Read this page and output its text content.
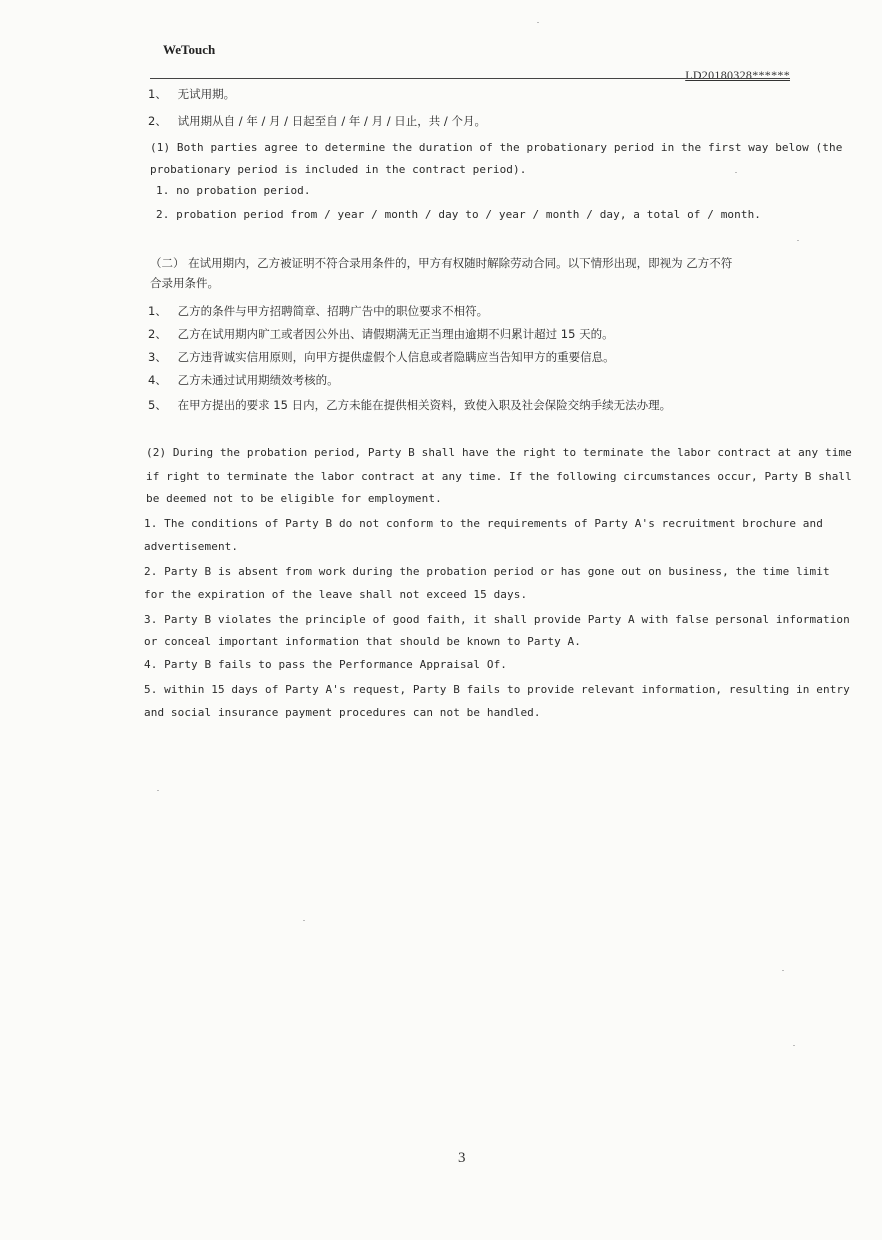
WeTouch
LD20180328******
1、 无试用期。
2、 试用期从自 / 年 / 月 / 日起至自 / 年 / 月 / 日止，共 / 个月。
(1) Both parties agree to determine the duration of the probationary period in the first way below (the
probationary period is included in the contract period).
1. no probation period.
2. probation period from / year / month / day to / year / month / day, a total of / month.
（二） 在试用期内，乙方被证明不符合录用条件的，甲方有权随时解除劳动合同。以下情形出现，即视为 乙方不符
合录用条件。
1、 乙方的条件与甲方招聘简章、招聘广告中的职位要求不相符。
2、 乙方在试用期内旷工或者因公外出、请假期满无正当理由逾期不归累计超过 15 天的。
3、 乙方违背诚实信用原则，向甲方提供虚假个人信息或者隐瞒应当告知甲方的重要信息。
4、 乙方未通过试用期绩效考核的。
5、 在甲方提出的要求 15 日内，乙方未能在提供相关资料，致使入职及社会保险交纳手续无法办理。
(2) During the probation period, Party B shall have the right to terminate the labor contract at any time
if right to terminate the labor contract at any time. If the following circumstances occur, Party B shall
be deemed not to be eligible for employment.
1. The conditions of Party B do not conform to the requirements of Party A's recruitment brochure and
advertisement.
2. Party B is absent from work during the probation period or has gone out on business, the time limit
for the expiration of the leave shall not exceed 15 days.
3. Party B violates the principle of good faith, it shall provide Party A with false personal information
or conceal important information that should be known to Party A.
4. Party B fails to pass the Performance Appraisal Of.
5. within 15 days of Party A's request, Party B fails to provide relevant information, resulting in entry
and social insurance payment procedures can not be handled.
3
